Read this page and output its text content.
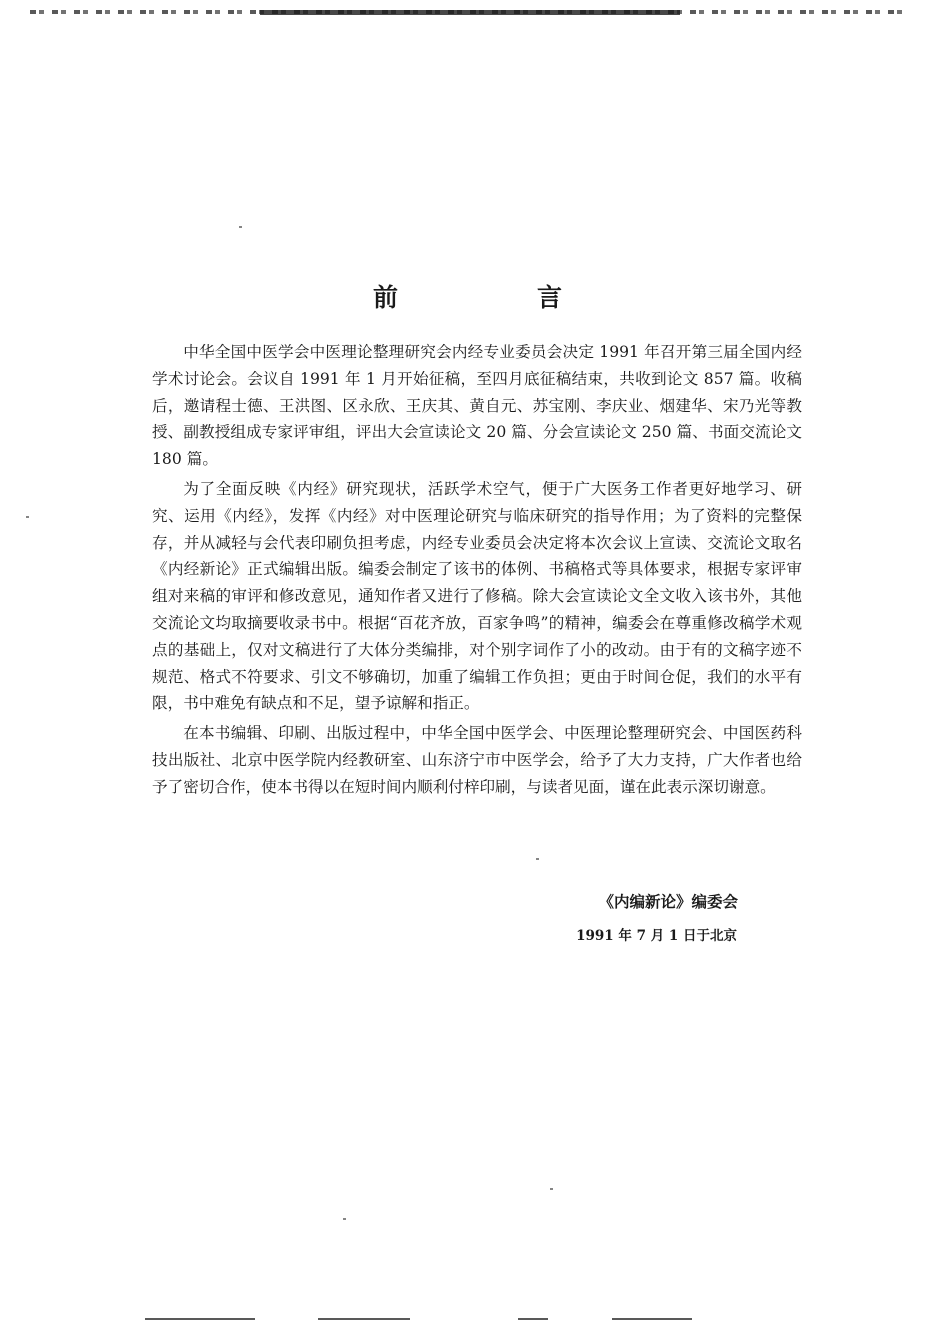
前	言

中华全国中医学会中医理论整理研究会内经专业委员会决定 1991 年召开第三届全国内经学术讨论会。会议自 1991 年 1 月开始征稿，至四月底征稿结束，共收到论文 857 篇。收稿后，邀请程士德、王洪图、区永欣、王庆其、黄自元、苏宝刚、李庆业、烟建华、宋乃光等教授、副教授组成专家评审组，评出大会宣读论文 20 篇、分会宣读论文 250 篇、书面交流论文 180 篇。

为了全面反映《内经》研究现状，活跃学术空气，便于广大医务工作者更好地学习、研究、运用《内经》，发挥《内经》对中医理论研究与临床研究的指导作用；为了资料的完整保存，并从减轻与会代表印刷负担考虑，内经专业委员会决定将本次会议上宣读、交流论文取名《内经新论》正式编辑出版。编委会制定了该书的体例、书稿格式等具体要求，根据专家评审组对来稿的审评和修改意见，通知作者又进行了修稿。除大会宣读论文全文收入该书外，其他交流论文均取摘要收录书中。根据“百花齐放，百家争鸣”的精神，编委会在尊重修改稿学术观点的基础上，仅对文稿进行了大体分类编排，对个别字词作了小的改动。由于有的文稿字迹不规范、格式不符要求、引文不够确切，加重了编辑工作负担；更由于时间仓促，我们的水平有限，书中难免有缺点和不足，望予谅解和指正。

在本书编辑、印刷、出版过程中，中华全国中医学会、中医理论整理研究会、中国医药科技出版社、北京中医学院内经教研室、山东济宁市中医学会，给予了大力支持，广大作者也给予了密切合作，使本书得以在短时间内顺利付梓印刷，与读者见面，谨在此表示深切谢意。

《内编新论》编委会
1991 年 7 月 1 日于北京
